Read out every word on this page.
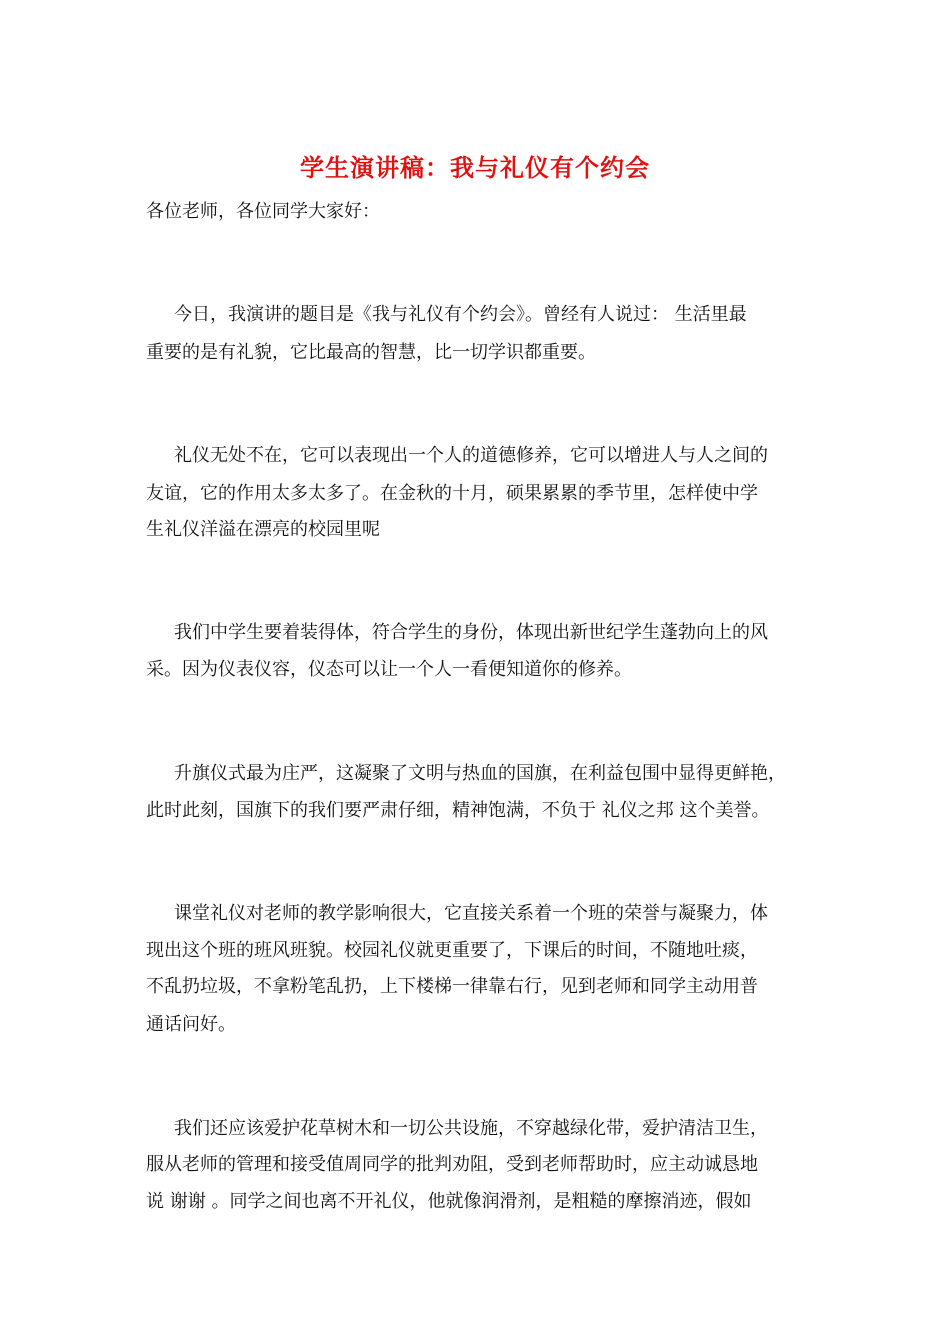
学生演讲稿：我与礼仪有个约会
各位老师，各位同学大家好：
今日，我演讲的题目是《我与礼仪有个约会》。曾经有人说过： 生活里最
重要的是有礼貌，它比最高的智慧，比一切学识都重要。
礼仪无处不在，它可以表现出一个人的道德修养，它可以增进人与人之间的
友谊，它的作用太多太多了。在金秋的十月，硕果累累的季节里，怎样使中学
生礼仪洋溢在漂亮的校园里呢
我们中学生要着装得体，符合学生的身份，体现出新世纪学生蓬勃向上的风
采。因为仪表仪容，仪态可以让一个人一看便知道你的修养。
升旗仪式最为庄严，这凝聚了文明与热血的国旗，在利益包围中显得更鲜艳，
此时此刻，国旗下的我们要严肃仔细，精神饱满，不负于 礼仪之邦 这个美誉。
课堂礼仪对老师的教学影响很大，它直接关系着一个班的荣誉与凝聚力，体
现出这个班的班风班貌。校园礼仪就更重要了，下课后的时间，不随地吐痰，
不乱扔垃圾，不拿粉笔乱扔，上下楼梯一律靠右行，见到老师和同学主动用普
通话问好。
我们还应该爱护花草树木和一切公共设施，不穿越绿化带，爱护清洁卫生，
服从老师的管理和接受值周同学的批判劝阻，受到老师帮助时，应主动诚恳地
说 谢谢 。同学之间也离不开礼仪，他就像润滑剂，是粗糙的摩擦消迹，假如
